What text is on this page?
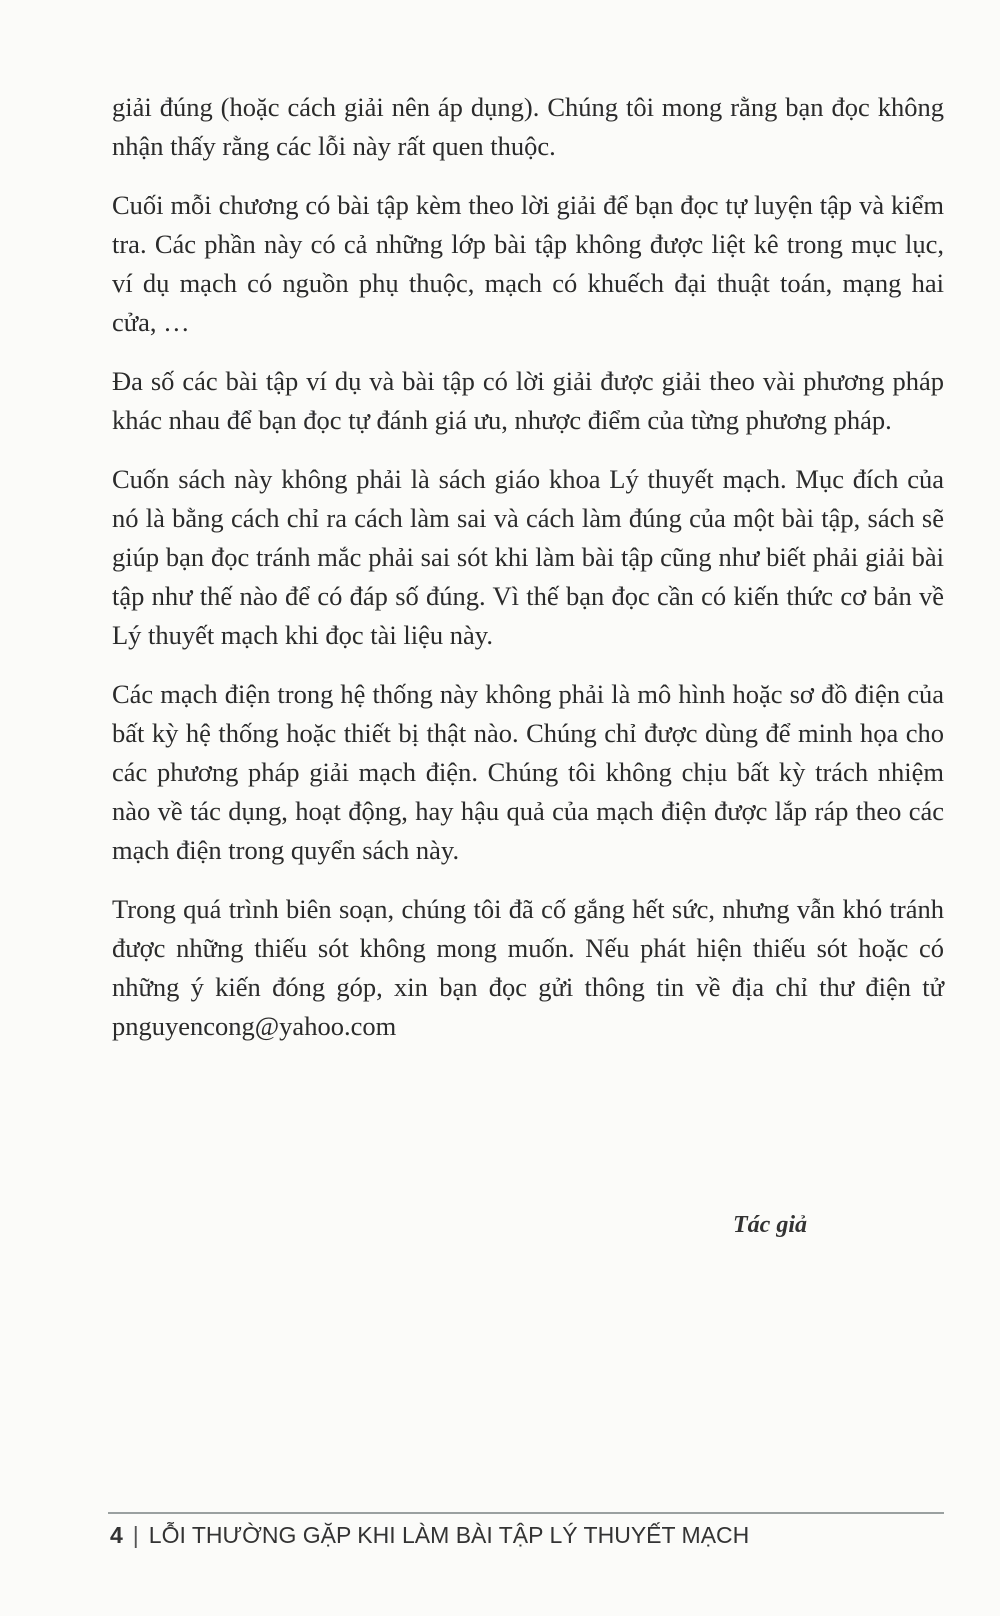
giải đúng (hoặc cách giải nên áp dụng). Chúng tôi mong rằng bạn đọc không nhận thấy rằng các lỗi này rất quen thuộc.

Cuối mỗi chương có bài tập kèm theo lời giải để bạn đọc tự luyện tập và kiểm tra. Các phần này có cả những lớp bài tập không được liệt kê trong mục lục, ví dụ mạch có nguồn phụ thuộc, mạch có khuếch đại thuật toán, mạng hai cửa, …

Đa số các bài tập ví dụ và bài tập có lời giải được giải theo vài phương pháp khác nhau để bạn đọc tự đánh giá ưu, nhược điểm của từng phương pháp.

Cuốn sách này không phải là sách giáo khoa Lý thuyết mạch. Mục đích của nó là bằng cách chỉ ra cách làm sai và cách làm đúng của một bài tập, sách sẽ giúp bạn đọc tránh mắc phải sai sót khi làm bài tập cũng như biết phải giải bài tập như thế nào để có đáp số đúng. Vì thế bạn đọc cần có kiến thức cơ bản về Lý thuyết mạch khi đọc tài liệu này.

Các mạch điện trong hệ thống này không phải là mô hình hoặc sơ đồ điện của bất kỳ hệ thống hoặc thiết bị thật nào. Chúng chỉ được dùng để minh họa cho các phương pháp giải mạch điện. Chúng tôi không chịu bất kỳ trách nhiệm nào về tác dụng, hoạt động, hay hậu quả của mạch điện được lắp ráp theo các mạch điện trong quyển sách này.

Trong quá trình biên soạn, chúng tôi đã cố gắng hết sức, nhưng vẫn khó tránh được những thiếu sót không mong muốn. Nếu phát hiện thiếu sót hoặc có những ý kiến đóng góp, xin bạn đọc gửi thông tin về địa chỉ thư điện tử pnguyencong@yahoo.com

Tác giả
4 | LỖI THƯỜNG GẶP KHI LÀM BÀI TẬP LÝ THUYẾT MẠCH
